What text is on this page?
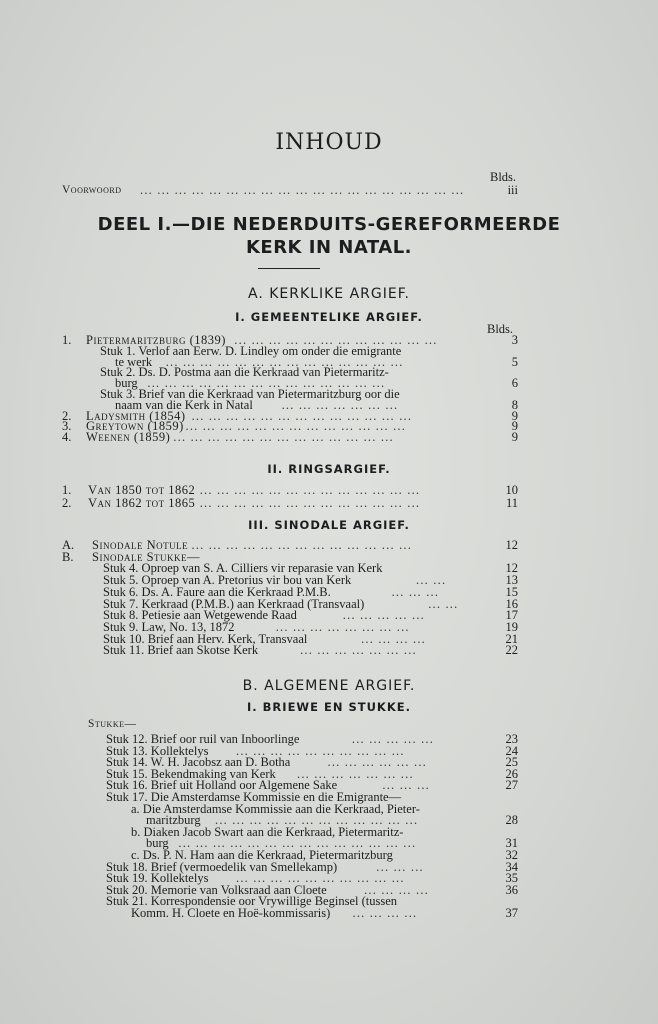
INHOUD
Blds.
Voorwoord ... ... ... ... ... ... ... ... ... ... ... ... ... ... ... ... ... ... ...	iii
DEEL I.—DIE NEDERDUITS-GEREFORMEERDE
KERK IN NATAL.
A. KERKLIKE ARGIEF.
I. GEMEENTELIKE ARGIEF.
Blds.
1. Pietermaritzburg (1839) ... ... ... ... ... ... ... ... ... ... ... ...	3
Stuk 1. Verlof aan Eerw. D. Lindley om onder die emigrante
te werk ... ... ... ... ... ... ... ... ... ... ... ... ... ...	5
Stuk 2. Ds. D. Postma aan die Kerkraad van Pietermaritz-
burg ... ... ... ... ... ... ... ... ... ... ... ... ... ...	6
Stuk 3. Brief van die Kerkraad van Pietermaritzburg oor die
naam van die Kerk in Natal ... ... ... ... ... ... ...	8
2. Ladysmith (1854) ... ... ... ... ... ... ... ... ... ... ... ... ...	9
3. Greytown (1859) ... ... ... ... ... ... ... ... ... ... ... ... ...	9
4. Weenen (1859) ... ... ... ... ... ... ... ... ... ... ... ... ...	9
II. RINGSARGIEF.
1. Van 1850 tot 1862 ... ... ... ... ... ... ... ... ... ... ... ... ...	10
2. Van 1862 tot 1865 ... ... ... ... ... ... ... ... ... ... ... ... ...	11
III. SINODALE ARGIEF.
A. Sinodale Notule ... ... ... ... ... ... ... ... ... ... ... ... ...	12
B. Sinodale Stukke—
Stuk 4. Oproep van S. A. Cilliers vir reparasie van Kerk	12
Stuk 5. Oproep van A. Pretorius vir bou van Kerk	... ...	13
Stuk 6. Ds. A. Faure aan die Kerkraad P.M.B.	... ... ...	15
Stuk 7. Kerkraad (P.M.B.) aan Kerkraad (Transvaal)	... ...	16
Stuk 8. Petiesie aan Wetgewende Raad	... ... ... ... ...	17
Stuk 9. Law, No. 13, 1872	... ... ... ... ... ... ... ...	19
Stuk 10. Brief aan Herv. Kerk, Transvaal	... ... ... ...	21
Stuk 11. Brief aan Skotse Kerk	... ... ... ... ... ... ...	22
B. ALGEMENE ARGIEF.
I. BRIEWE EN STUKKE.
Stukke—
Stuk 12. Brief oor ruil van Inboorlinge	... ... ... ... ...	23
Stuk 13. Kollektelys ... ... ... ... ... ... ... ... ... ...	24
Stuk 14. W. H. Jacobsz aan D. Botha	... ... ... ... ... ...	25
Stuk 15. Bekendmaking van Kerk ... ... ... ... ... ... ...	26
Stuk 16. Brief uit Holland oor Algemene Sake	... ... ...	27
Stuk 17. Die Amsterdamse Kommissie en die Emigrante—
a. Die Amsterdamse Kommissie aan die Kerkraad, Pieter-
maritzburg ... ... ... ... ... ... ... ... ... ... ... ...	28
b. Diaken Jacob Swart aan die Kerkraad, Pietermaritz-
burg ... ... ... ... ... ... ... ... ... ... ... ... ... ...	31
c. Ds. P. N. Ham aan die Kerkraad, Pietermaritzburg	32
Stuk 18. Brief (vermoedelik van Smellekamp)	... ... ...	34
Stuk 19. Kollektelys ... ... ... ... ... ... ... ... ... ...	35
Stuk 20. Memorie van Volksraad aan Cloete	... ... ... ...	36
Stuk 21. Korrespondensie oor Vrywillige Beginsel (tussen
Komm. H. Cloete en Hoë-kommissaris) ... ... ... ...	37
